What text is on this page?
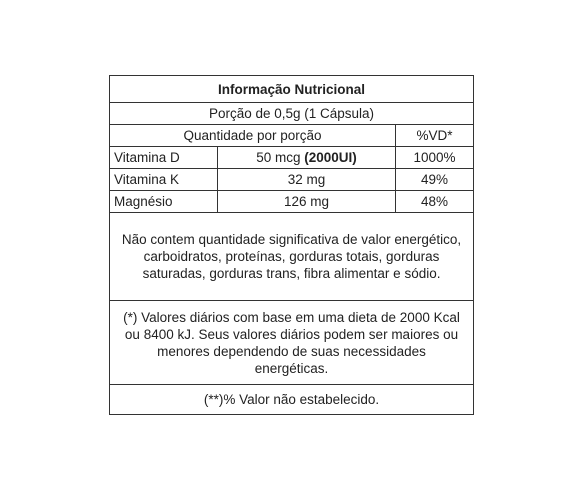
Informação Nutricional		
Porção de 0,5g (1 Cápsula)		
Quantidade por porção		%VD*
Vitamina D	50 mcg (2000UI)	1000%
Vitamina K	32 mg	49%
Magnésio	126 mg	48%
Não contem quantidade significativa de valor energético, carboidratos, proteínas, gorduras totais, gorduras saturadas, gorduras trans, fibra alimentar e sódio.		
(*) Valores diários com base em uma dieta de 2000 Kcal ou 8400 kJ. Seus valores diários podem ser maiores ou menores dependendo de suas necessidades energéticas.		
(**)% Valor não estabelecido.		
